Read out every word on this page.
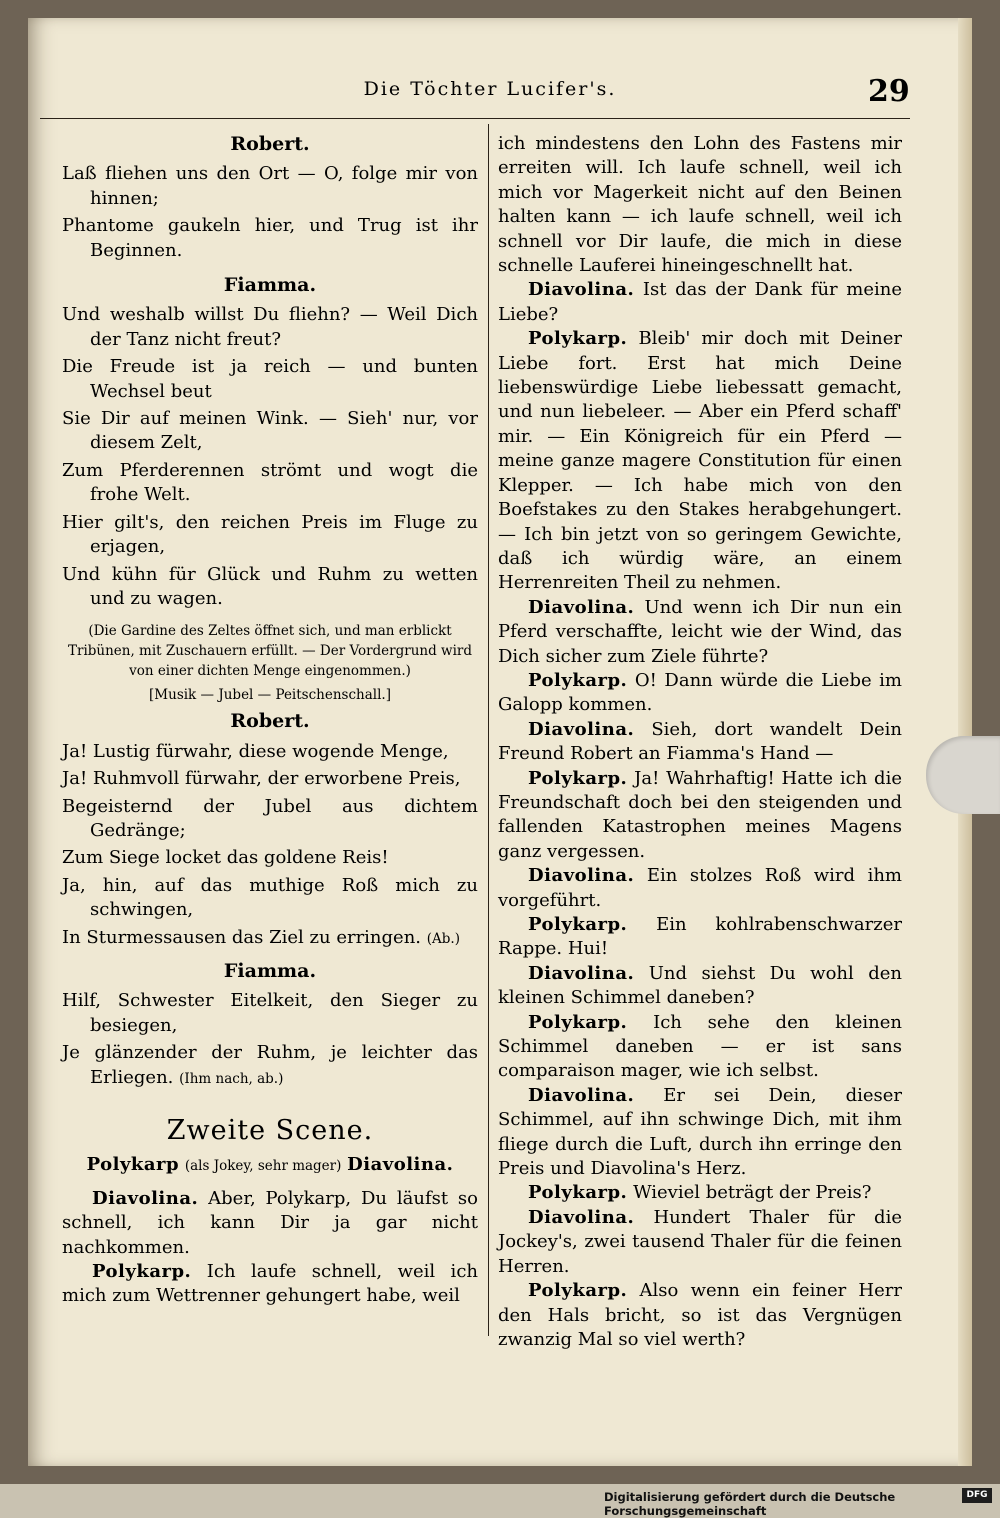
Die Töchter Lucifer's.	29
Robert.
Laß fliehen uns den Ort — O, folge mir von hinnen;
Phantome gaukeln hier, und Trug ist ihr Beginnen.
Fiamma.
Und weshalb willst Du fliehn? — Weil Dich der Tanz nicht freut?
Die Freude ist ja reich — und bunten Wechsel beut
Sie Dir auf meinen Wink. — Sieh' nur, vor diesem Zelt,
Zum Pferderennen strömt und wogt die frohe Welt.
Hier gilt's, den reichen Preis im Fluge zu erjagen,
Und kühn für Glück und Ruhm zu wetten und zu wagen.
(Die Gardine des Zeltes öffnet sich, und man erblickt Tribünen, mit Zuschauern erfüllt. — Der Vordergrund wird von einer dichten Menge eingenommen.)
[Musik — Jubel — Peitschenschall.]
Robert.
Ja! Lustig fürwahr, diese wogende Menge,
Ja! Ruhmvoll fürwahr, der erworbene Preis,
Begeisternd der Jubel aus dichtem Gedränge;
Zum Siege locket das goldene Reis!
Ja, hin, auf das muthige Roß mich zu schwingen,
In Sturmessausen das Ziel zu erringen. (Ab.)
Fiamma.
Hilf, Schwester Eitelkeit, den Sieger zu besiegen,
Je glänzender der Ruhm, je leichter das Erliegen. (Ihm nach, ab.)
Zweite Scene.
Polykarp (als Jokey, sehr mager) Diavolina.

Diavolina. Aber, Polykarp, Du läufst so schnell, ich kann Dir ja gar nicht nachkommen.

Polykarp. Ich laufe schnell, weil ich mich zum Wettrenner gehungert habe, weil

ich mindestens den Lohn des Fastens mir erreiten will. Ich laufe schnell, weil ich mich vor Magerkeit nicht auf den Beinen halten kann — ich laufe schnell, weil ich schnell vor Dir laufe, die mich in diese schnelle Lauferei hineingeschnellt hat.

Diavolina. Ist das der Dank für meine Liebe?

Polykarp. Bleib' mir doch mit Deiner Liebe fort. Erst hat mich Deine liebenswürdige Liebe liebessatt gemacht, und nun liebeleer. — Aber ein Pferd schaff' mir. — Ein Königreich für ein Pferd — meine ganze magere Constitution für einen Klepper. — Ich habe mich von den Boefstakes zu den Stakes herabgehungert. — Ich bin jetzt von so geringem Gewichte, daß ich würdig wäre, an einem Herrenreiten Theil zu nehmen.

Diavolina. Und wenn ich Dir nun ein Pferd verschaffte, leicht wie der Wind, das Dich sicher zum Ziele führte?

Polykarp. O! Dann würde die Liebe im Galopp kommen.

Diavolina. Sieh, dort wandelt Dein Freund Robert an Fiamma's Hand —

Polykarp. Ja! Wahrhaftig! Hatte ich die Freundschaft doch bei den steigenden und fallenden Katastrophen meines Magens ganz vergessen.

Diavolina. Ein stolzes Roß wird ihm vorgeführt.

Polykarp. Ein kohlrabenschwarzer Rappe. Hui!

Diavolina. Und siehst Du wohl den kleinen Schimmel daneben?

Polykarp. Ich sehe den kleinen Schimmel daneben — er ist sans comparaison mager, wie ich selbst.

Diavolina. Er sei Dein, dieser Schimmel, auf ihn schwinge Dich, mit ihm fliege durch die Luft, durch ihn erringe den Preis und Diavolina's Herz.

Polykarp. Wieviel beträgt der Preis?

Diavolina. Hundert Thaler für die Jockey's, zwei tausend Thaler für die feinen Herren.

Polykarp. Also wenn ein feiner Herr den Hals bricht, so ist das Vergnügen zwanzig Mal so viel werth?

Digitalisierung gefördert durch die Deutsche Forschungsgemeinschaft
DFG
